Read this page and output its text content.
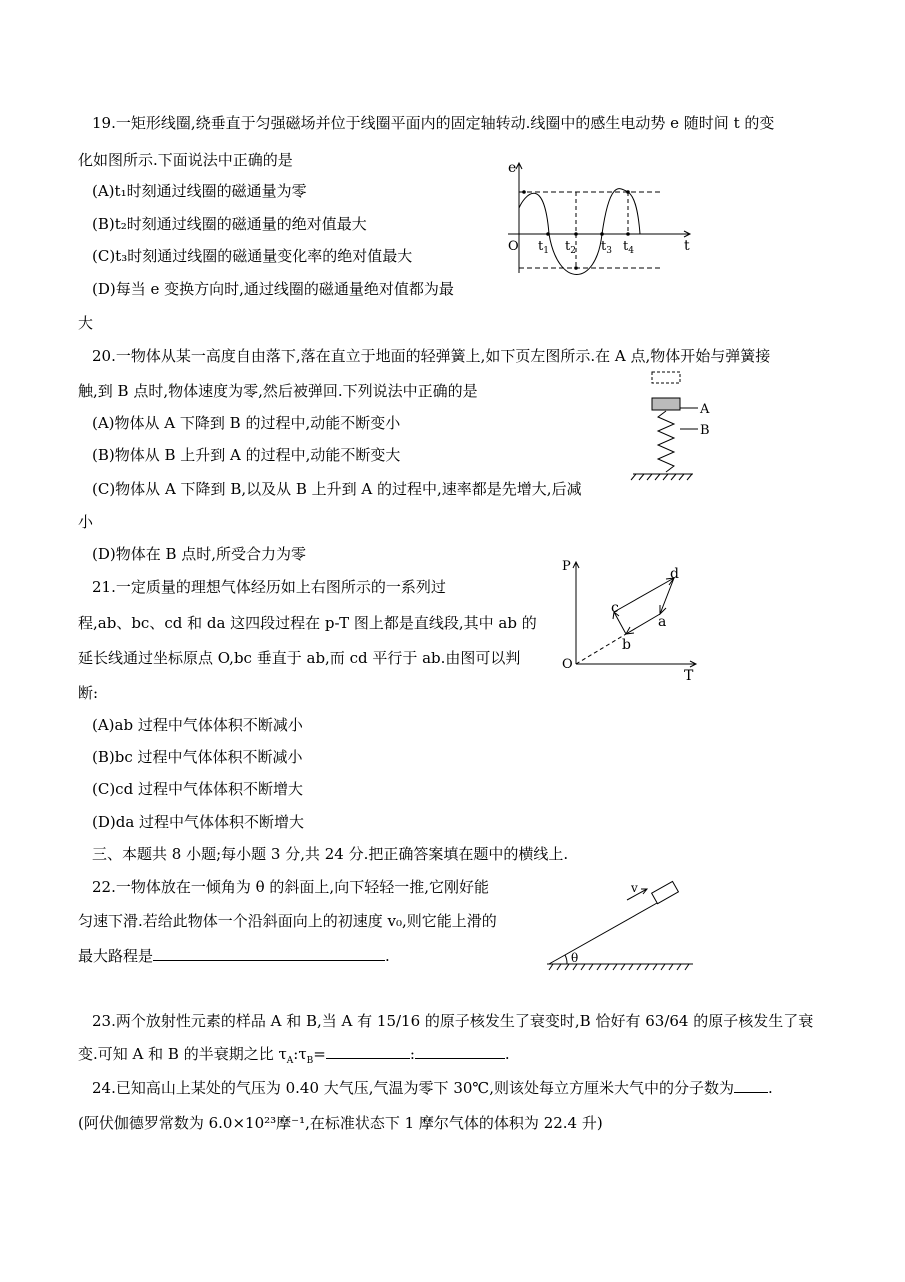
19.一矩形线圈,绕垂直于匀强磁场并位于线圈平面内的固定轴转动.线圈中的感生电动势 e 随时间 t 的变
化如图所示.下面说法中正确的是
(A)t₁时刻通过线圈的磁通量为零
(B)t₂时刻通过线圈的磁通量的绝对值最大
(C)t₃时刻通过线圈的磁通量变化率的绝对值最大
(D)每当 e 变换方向时,通过线圈的磁通量绝对值都为最
大
e
O	t
$t_1$ $t_2$ $t_3$ $t_4$
20.一物体从某一高度自由落下,落在直立于地面的轻弹簧上,如下页左图所示.在 A 点,物体开始与弹簧接
触,到 B 点时,物体速度为零,然后被弹回.下列说法中正确的是
(A)物体从 A 下降到 B 的过程中,动能不断变小
(B)物体从 B 上升到 A 的过程中,动能不断变大
(C)物体从 A 下降到 B,以及从 B 上升到 A 的过程中,速率都是先增大,后减
小
(D)物体在 B 点时,所受合力为零
A
B
21.一定质量的理想气体经历如上右图所示的一系列过
程,ab、bc、cd 和 da 这四段过程在 p-T 图上都是直线段,其中 ab 的
延长线通过坐标原点 O,bc 垂直于 ab,而 cd 平行于 ab.由图可以判
断:
(A)ab 过程中气体体积不断减小
(B)bc 过程中气体体积不断减小
(C)cd 过程中气体体积不断增大
(D)da 过程中气体体积不断增大
P
O
T
a
b
c
d
三、本题共 8 小题;每小题 3 分,共 24 分.把正确答案填在题中的横线上.
22.一物体放在一倾角为 θ 的斜面上,向下轻轻一推,它刚好能
匀速下滑.若给此物体一个沿斜面向上的初速度 v₀,则它能上滑的
最大路程是	.
v
θ
23.两个放射性元素的样品 A 和 B,当 A 有 15/16 的原子核发生了衰变时,B 恰好有 63/64 的原子核发生了衰
变.可知 A 和 B 的半衰期之比 $\tau_A:\tau_B=$	:	.
24.已知高山上某处的气压为 0.40 大气压,气温为零下 30℃,则该处每立方厘米大气中的分子数为 .
(阿伏伽德罗常数为 6.0×10²³摩⁻¹,在标准状态下 1 摩尔气体的体积为 22.4 升)
